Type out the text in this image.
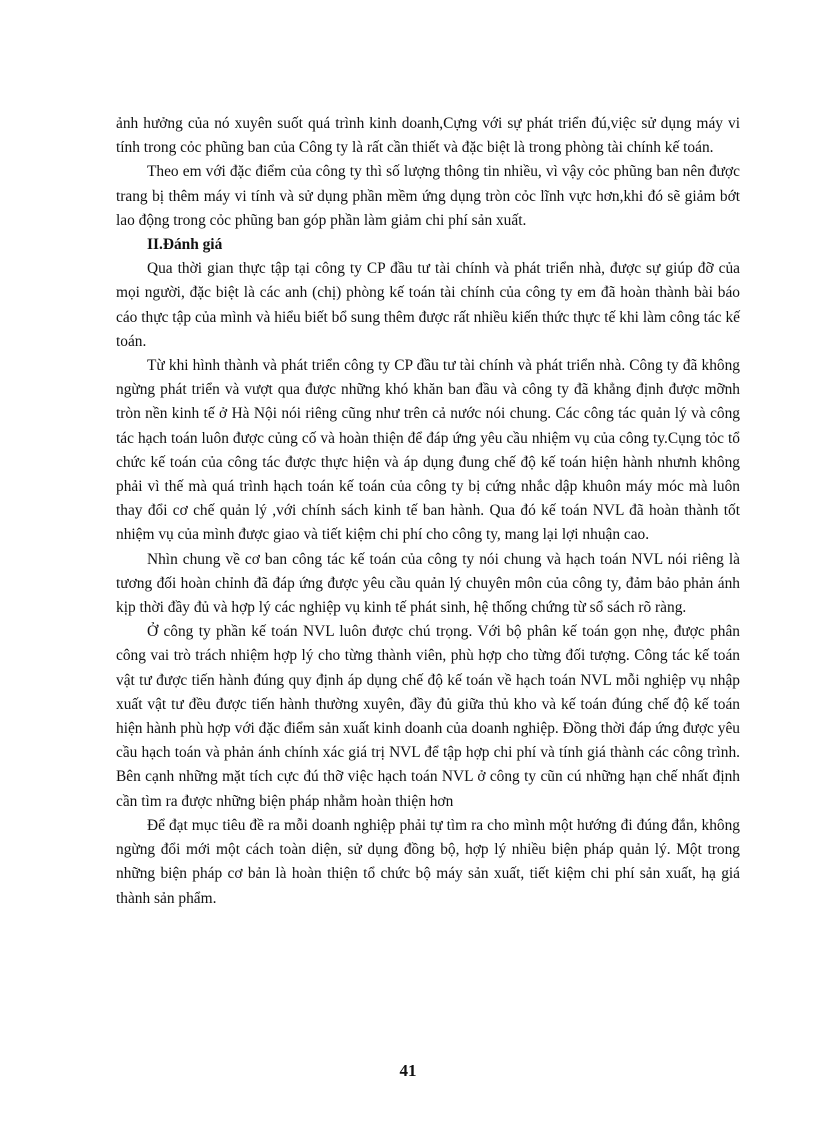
ảnh hưởng của nó xuyên suốt quá trình kinh doanh,Cựng với sự phát triển đú,việc sử dụng máy vi tính trong cỏc phũng ban của Công ty là rất cần thiết và đặc biệt là trong phòng tài chính kế toán.

Theo em với đặc điểm của công ty thì số lượng thông tin nhiều, vì vậy cỏc phũng ban nên được trang bị thêm máy vi tính và sử dụng phần mềm ứng dụng tròn cỏc lĩnh vực hơn,khi đó sẽ giảm bớt lao động trong cỏc phũng ban góp phần làm giảm chi phí sản xuất.

II.Đánh giá

Qua thời gian thực tập tại công ty CP đầu tư tài chính và phát triển nhà, được sự giúp đỡ của mọi người, đặc biệt là các anh (chị) phòng kế toán tài chính của công ty em đã hoàn thành bài báo cáo thực tập của mình và hiểu biết bổ sung thêm được rất nhiều kiến thức thực tế khi làm công tác kế toán.

Từ khi hình thành và phát triển công ty CP đầu tư tài chính và phát triển nhà. Công ty đã không ngừng phát triển và vượt qua được những khó khăn ban đầu và công ty đã khẳng định được mỡnh tròn nền kinh tế ở Hà Nội nói riêng cũng như trên cả nước nói chung. Các công tác quản lý và công tác hạch toán luôn được củng cố và hoàn thiện để đáp ứng yêu cầu nhiệm vụ của công ty.Cụng tỏc tổ chức kế toán của công tác được thực hiện và áp dụng đung chế độ kế toán hiện hành nhưnh không phải vì thế mà quá trình hạch toán kế toán của công ty bị cứng nhắc dập khuôn máy móc mà luôn thay đổi cơ chế quản lý ,với chính sách kinh tế ban hành. Qua đó kế toán NVL đã hoàn thành tốt nhiệm vụ của mình được giao và tiết kiệm chi phí cho công ty, mang lại lợi nhuận cao.

Nhìn chung về cơ ban công tác kế toán của công ty nói chung và hạch toán NVL nói riêng là tương đối hoàn chỉnh đã đáp ứng được yêu cầu quản lý chuyên môn của công ty, đảm bảo phản ánh kịp thời đầy đủ và hợp lý các nghiệp vụ kinh tế phát sinh, hệ thống chứng từ sổ sách rõ ràng.

Ở công ty phần kế toán NVL luôn được chú trọng. Với bộ phân kế toán gọn nhẹ, được phân công vai trò trách nhiệm hợp lý cho từng thành viên, phù hợp cho từng đối tượng. Công tác kế toán vật tư được tiến hành đúng quy định áp dụng chế độ kế toán về hạch toán NVL mỗi nghiệp vụ nhập xuất vật tư đều được tiến hành thường xuyên, đầy đủ giữa thủ kho và kế toán đúng chế độ kế toán hiện hành phù hợp với đặc điểm sản xuất kinh doanh của doanh nghiệp. Đồng thời đáp ứng được yêu cầu hạch toán và phản ánh chính xác giá trị NVL để tập hợp chi phí và tính giá thành các công trình. Bên cạnh những mặt tích cực đú thỡ việc hạch toán NVL ở công ty cũn cú những hạn chế nhất định cần tìm ra được những biện pháp nhằm hoàn thiện hơn

Để đạt mục tiêu đề ra mỗi doanh nghiệp phải tự tìm ra cho mình một hướng đi đúng đắn, không ngừng đổi mới một cách toàn diện, sử dụng đồng bộ, hợp lý nhiều biện pháp quản lý. Một trong những biện pháp cơ bản là hoàn thiện tổ chức bộ máy sản xuất, tiết kiệm chi phí sản xuất, hạ giá thành sản phẩm.

41
